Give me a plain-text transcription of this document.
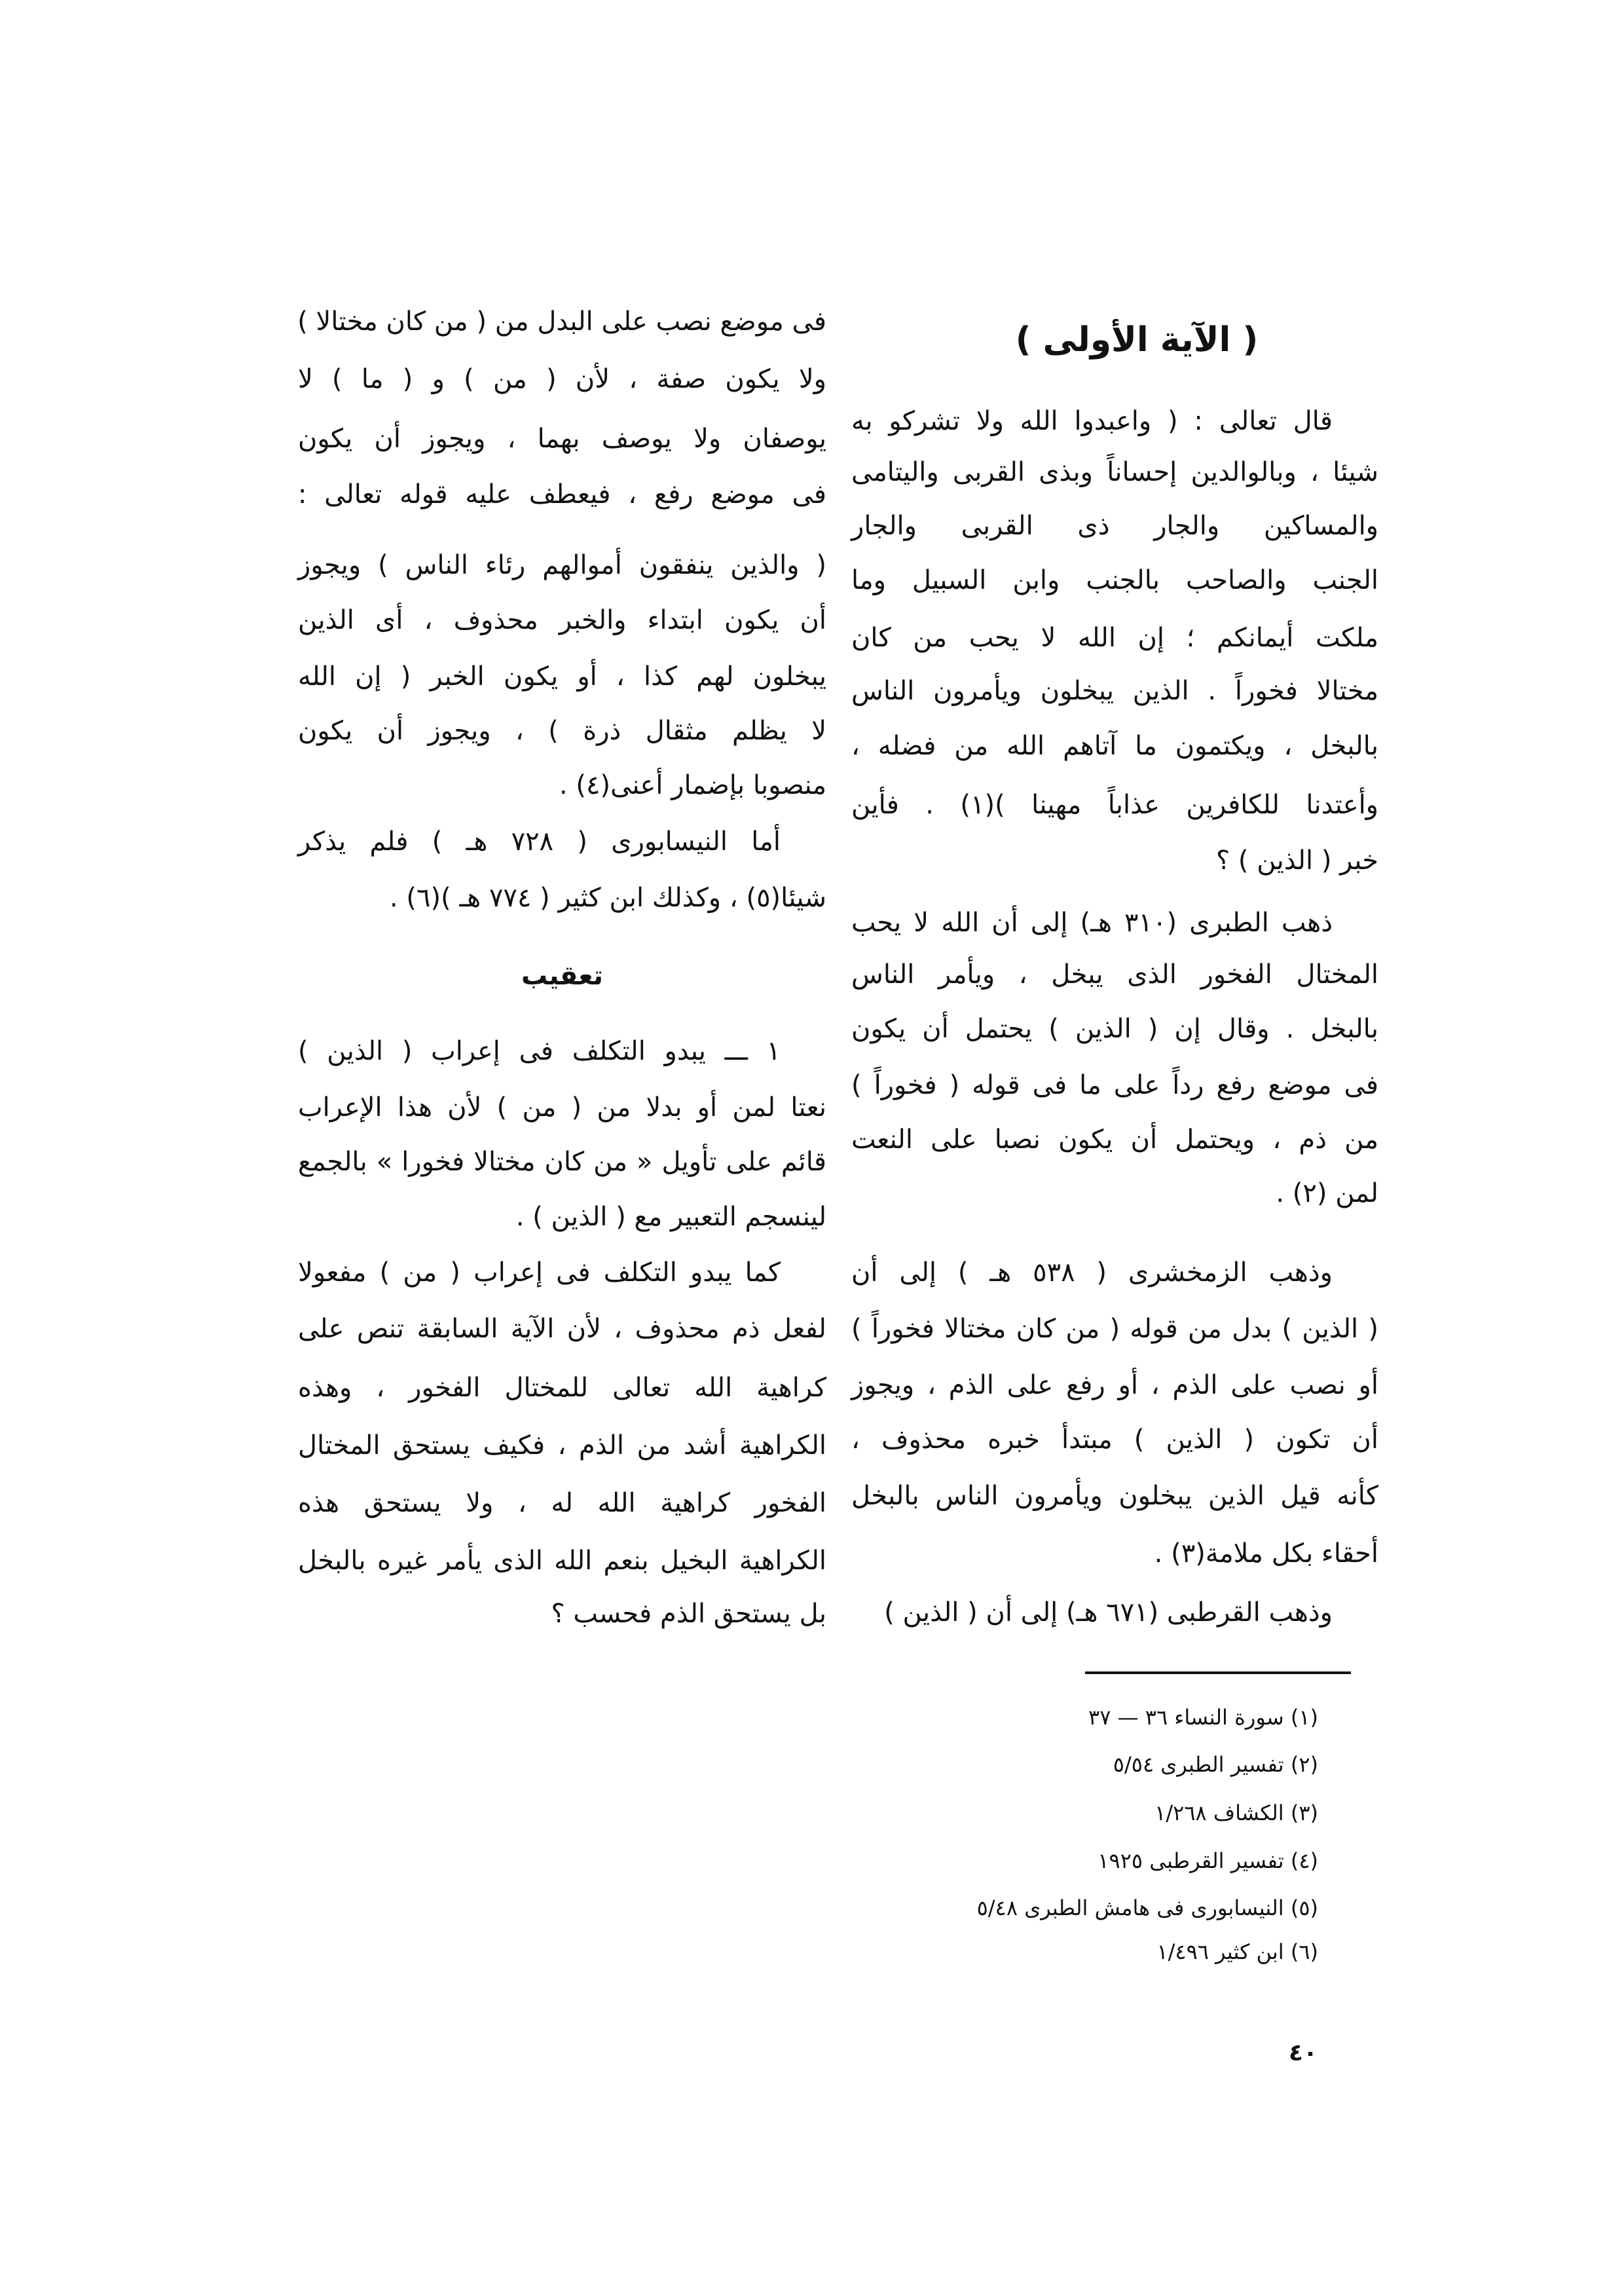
( الآية الأولى )
تعقيب
٤٠
قال تعالى : ( واعبدوا الله ولا تشركو به
شيئا ، وبالوالدين إحساناً وبذى القربى واليتامى
والمساكين والجار ذى القربى والجار
الجنب والصاحب بالجنب وابن السبيل وما
ملكت أيمانكم ؛ إن الله لا يحب من كان
مختالا فخوراً . الذين يبخلون ويأمرون الناس
بالبخل ، ويكتمون ما آتاهم الله من فضله ،
وأعتدنا للكافرين عذاباً مهينا )(١) . فأين
خبر ( الذين ) ؟
ذهب الطبرى (٣١٠ هـ) إلى أن الله لا يحب
المختال الفخور الذى يبخل ، ويأمر الناس
بالبخل . وقال إن ( الذين ) يحتمل أن يكون
فى موضع رفع رداً على ما فى قوله ( فخوراً )
من ذم ، ويحتمل أن يكون نصبا على النعت
لمن (٢) .
وذهب الزمخشرى ( ٥٣٨ هـ ) إلى أن
( الذين ) بدل من قوله ( من كان مختالا فخوراً )
أو نصب على الذم ، أو رفع على الذم ، ويجوز
أن تكون ( الذين ) مبتدأ خبره محذوف ،
كأنه قيل الذين يبخلون ويأمرون الناس بالبخل
أحقاء بكل ملامة(٣) .
وذهب القرطبى (٦٧١ هـ) إلى أن ( الذين )
فى موضع نصب على البدل من ( من كان مختالا )
ولا يكون صفة ، لأن ( من ) و ( ما ) لا
يوصفان ولا يوصف بهما ، ويجوز أن يكون
فى موضع رفع ، فيعطف عليه قوله تعالى :
( والذين ينفقون أموالهم رئاء الناس ) ويجوز
أن يكون ابتداء والخبر محذوف ، أى الذين
يبخلون لهم كذا ، أو يكون الخبر ( إن الله
لا يظلم مثقال ذرة ) ، ويجوز أن يكون
منصوبا بإضمار أعنى(٤) .
أما النيسابورى ( ٧٢٨ هـ ) فلم يذكر
شيئا(٥) ، وكذلك ابن كثير ( ٧٧٤ هـ )(٦) .
١ ـــ يبدو التكلف فى إعراب ( الذين )
نعتا لمن أو بدلا من ( من ) لأن هذا الإعراب
قائم على تأويل « من كان مختالا فخورا » بالجمع
لينسجم التعبير مع ( الذين ) .
كما يبدو التكلف فى إعراب ( من ) مفعولا
لفعل ذم محذوف ، لأن الآية السابقة تنص على
كراهية الله تعالى للمختال الفخور ، وهذه
الكراهية أشد من الذم ، فكيف يستحق المختال
الفخور كراهية الله له ، ولا يستحق هذه
الكراهية البخيل بنعم الله الذى يأمر غيره بالبخل
بل يستحق الذم فحسب ؟
(١) سورة النساء ٣٦ — ٣٧
(٢) تفسير الطبرى ٥/٥٤
(٣) الكشاف ١/٢٦٨
(٤) تفسير القرطبى ١٩٢٥
(٥) النيسابورى فى هامش الطبرى ٥/٤٨
(٦) ابن كثير ١/٤٩٦
